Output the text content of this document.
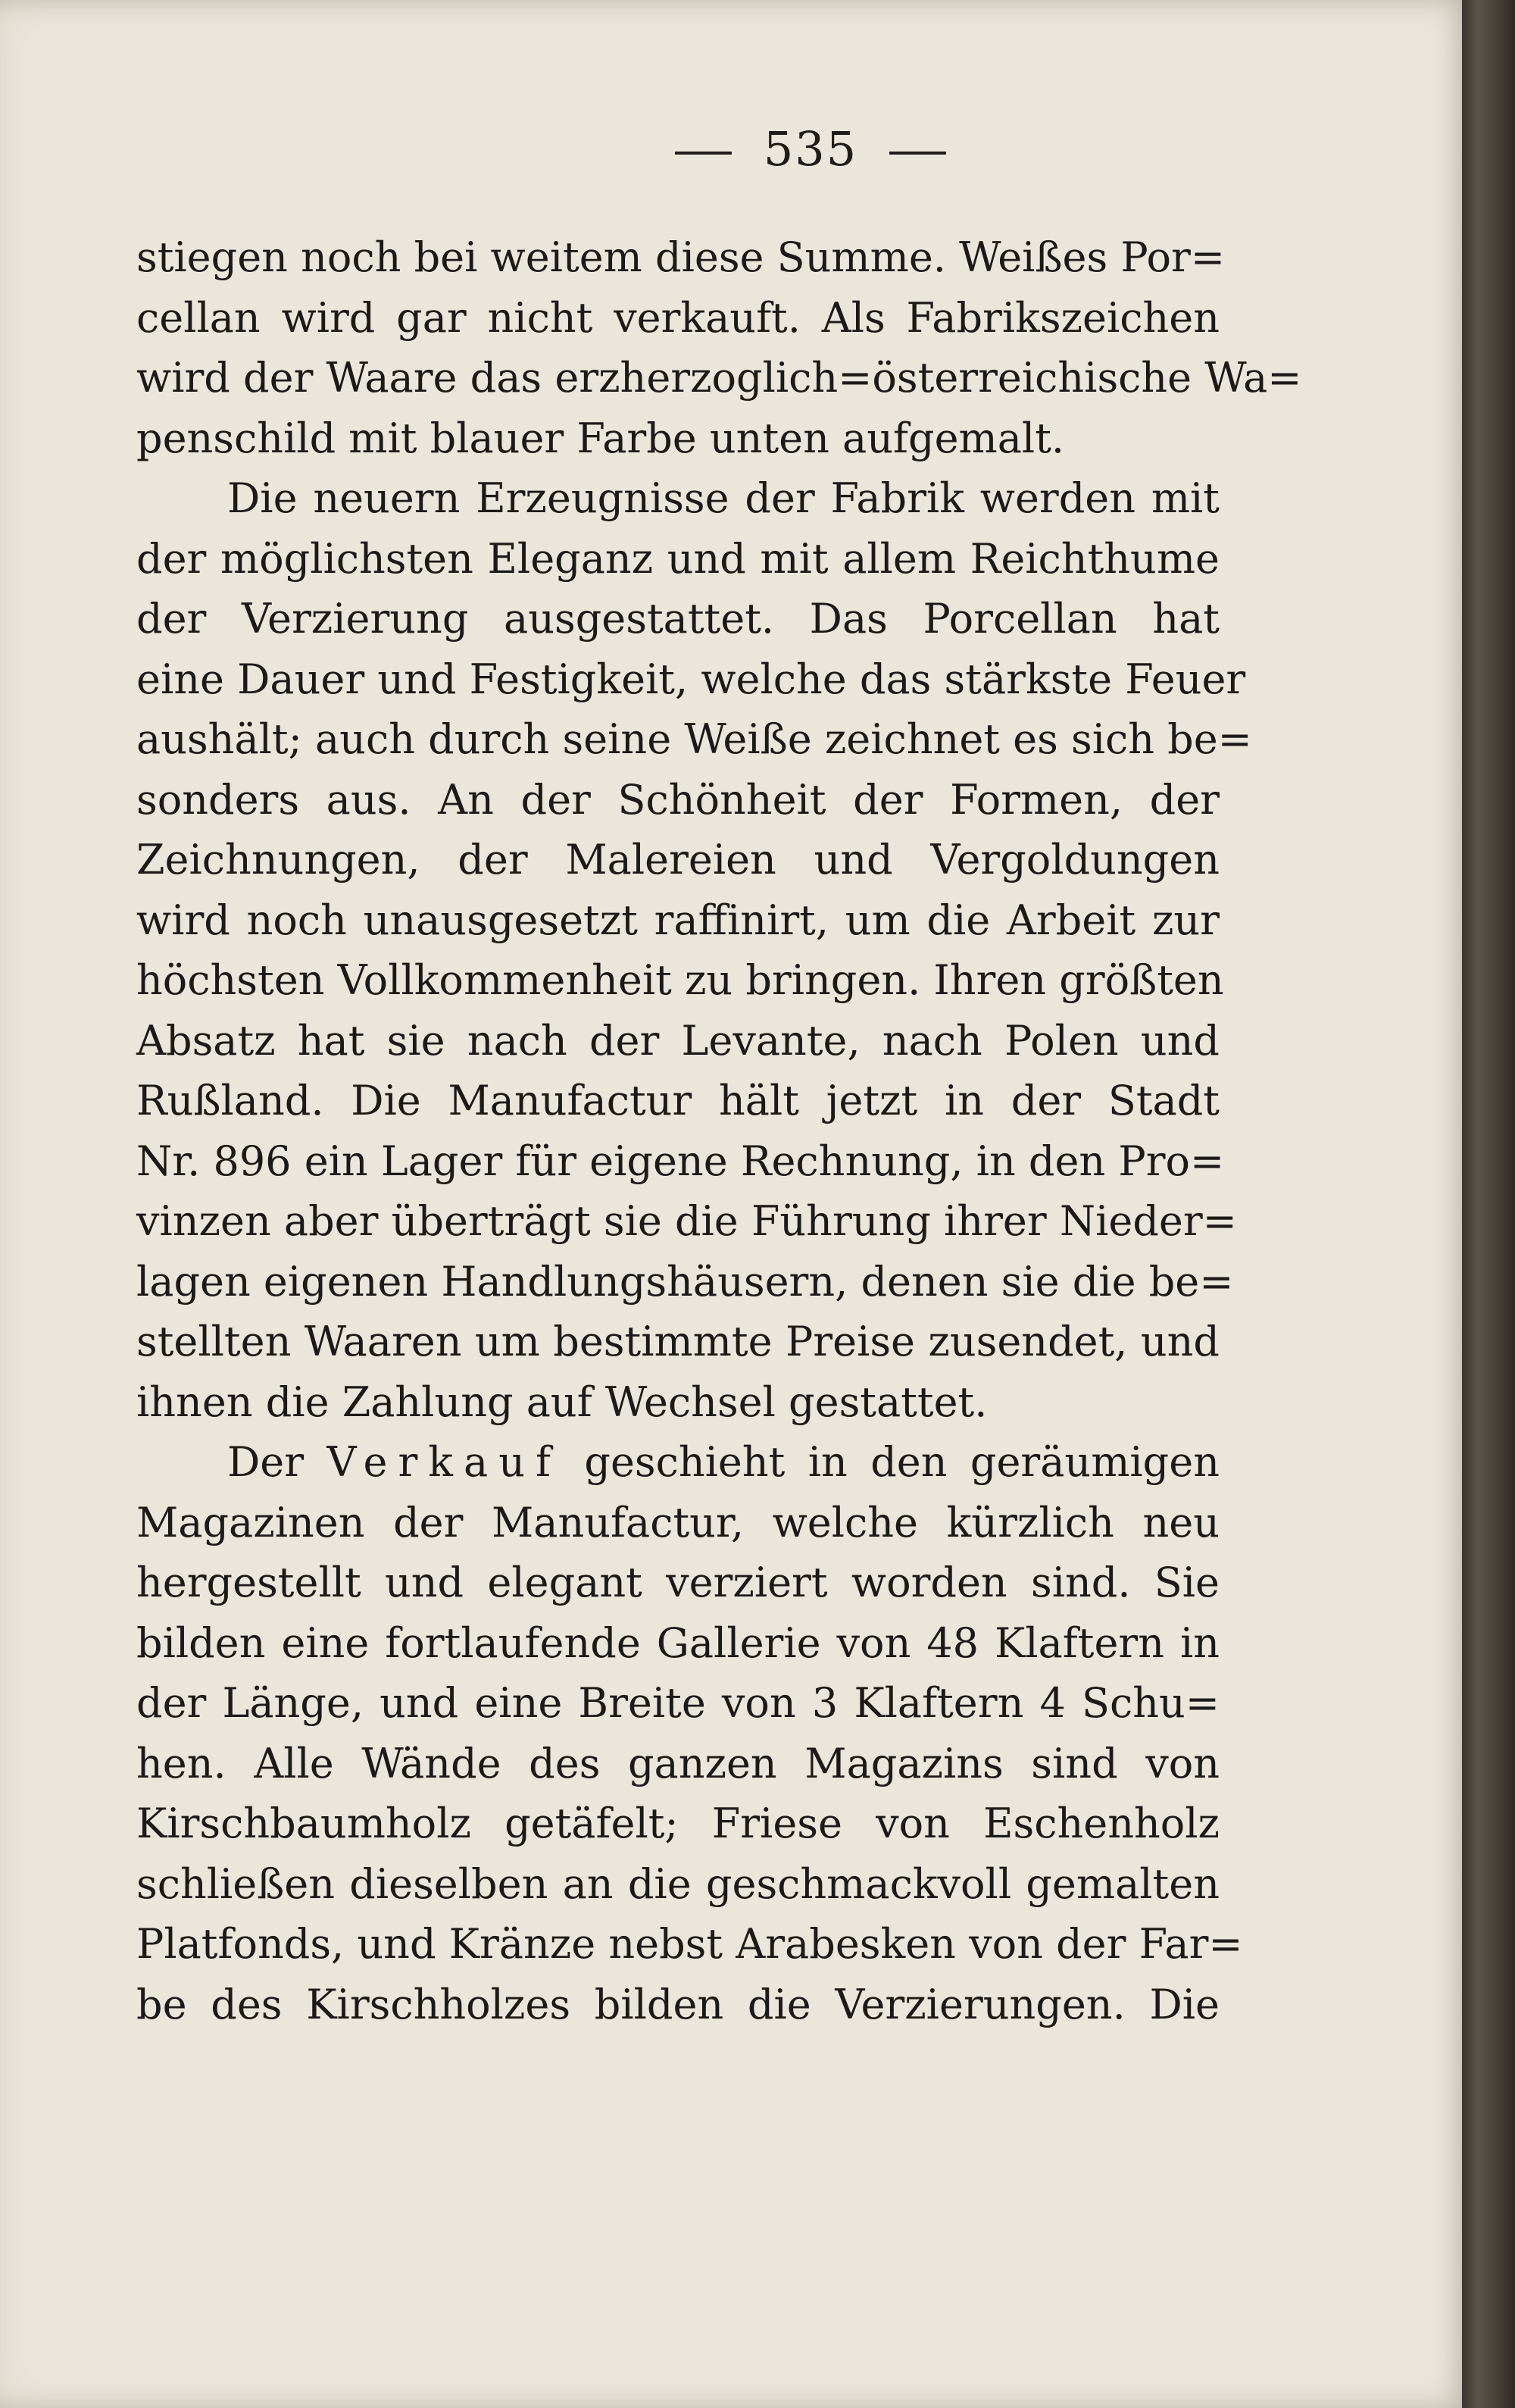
535
stiegen noch bei weitem diese Summe. Weißes Por=
cellan wird gar nicht verkauft. Als Fabrikszeichen
wird der Waare das erzherzoglich=österreichische Wa=
penschild mit blauer Farbe unten aufgemalt.
Die neuern Erzeugnisse der Fabrik werden mit
der möglichsten Eleganz und mit allem Reichthume
der Verzierung ausgestattet. Das Porcellan hat
eine Dauer und Festigkeit, welche das stärkste Feuer
aushält; auch durch seine Weiße zeichnet es sich be=
sonders aus. An der Schönheit der Formen, der
Zeichnungen, der Malereien und Vergoldungen
wird noch unausgesetzt raffinirt, um die Arbeit zur
höchsten Vollkommenheit zu bringen. Ihren größten
Absatz hat sie nach der Levante, nach Polen und
Rußland. Die Manufactur hält jetzt in der Stadt
Nr. 896 ein Lager für eigene Rechnung, in den Pro=
vinzen aber überträgt sie die Führung ihrer Nieder=
lagen eigenen Handlungshäusern, denen sie die be=
stellten Waaren um bestimmte Preise zusendet, und
ihnen die Zahlung auf Wechsel gestattet.
Der Verkauf geschieht in den geräumigen
Magazinen der Manufactur, welche kürzlich neu
hergestellt und elegant verziert worden sind. Sie
bilden eine fortlaufende Gallerie von 48 Klaftern in
der Länge, und eine Breite von 3 Klaftern 4 Schu=
hen. Alle Wände des ganzen Magazins sind von
Kirschbaumholz getäfelt; Friese von Eschenholz
schließen dieselben an die geschmackvoll gemalten
Platfonds, und Kränze nebst Arabesken von der Far=
be des Kirschholzes bilden die Verzierungen. Die
